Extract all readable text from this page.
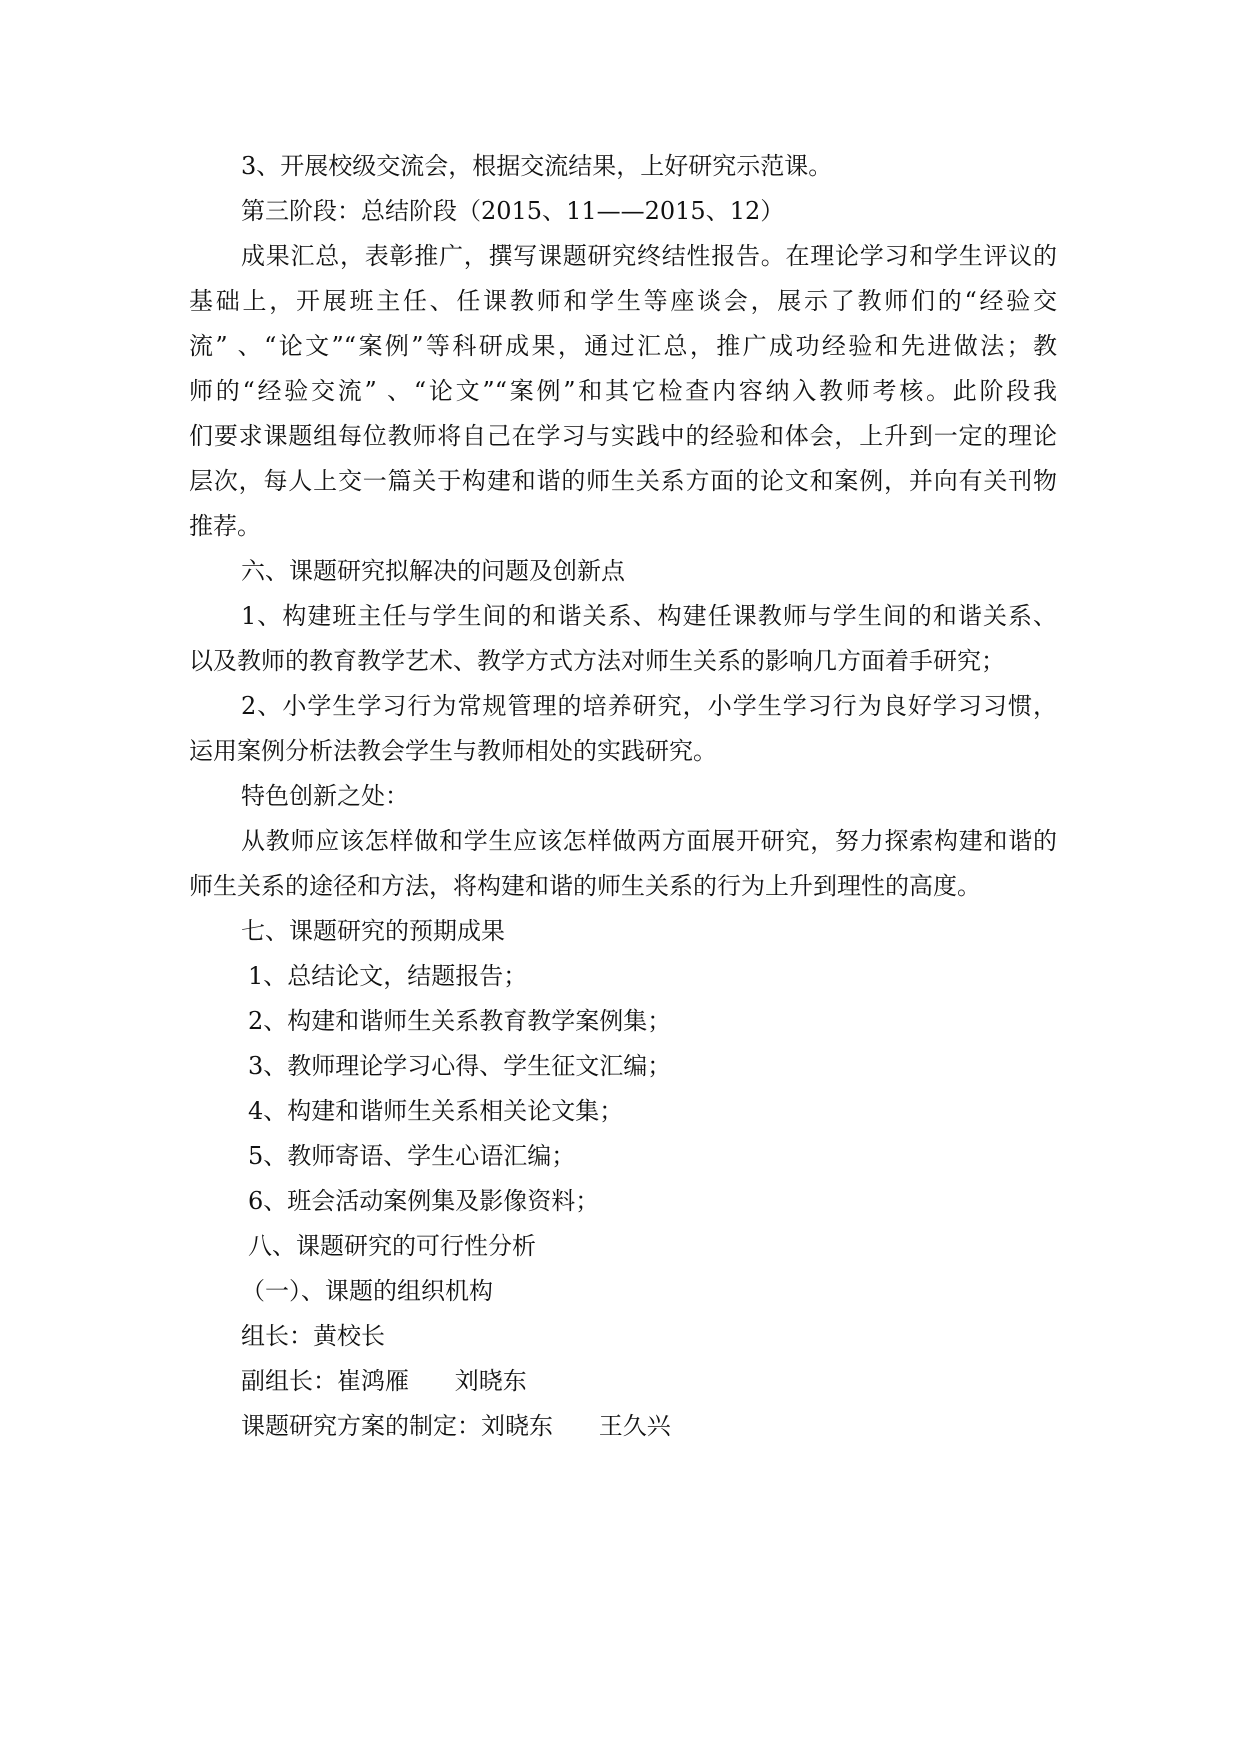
3、开展校级交流会，根据交流结果，上好研究示范课。
第三阶段：总结阶段（2015、11——2015、12）
成果汇总，表彰推广，撰写课题研究终结性报告。在理论学习和学生评议的
基础上，开展班主任、任课教师和学生等座谈会，展示了教师们的“经验交
流” 、“论文”“案例”等科研成果，通过汇总，推广成功经验和先进做法；教
师的“经验交流” 、“论文”“案例”和其它检查内容纳入教师考核。此阶段我
们要求课题组每位教师将自己在学习与实践中的经验和体会，上升到一定的理论
层次，每人上交一篇关于构建和谐的师生关系方面的论文和案例，并向有关刊物
推荐。
六、课题研究拟解决的问题及创新点
1、构建班主任与学生间的和谐关系、构建任课教师与学生间的和谐关系、
以及教师的教育教学艺术、教学方式方法对师生关系的影响几方面着手研究；
2、小学生学习行为常规管理的培养研究，小学生学习行为良好学习习惯，
运用案例分析法教会学生与教师相处的实践研究。
特色创新之处：
从教师应该怎样做和学生应该怎样做两方面展开研究，努力探索构建和谐的
师生关系的途径和方法，将构建和谐的师生关系的行为上升到理性的高度。
七、课题研究的预期成果
1、总结论文，结题报告；
2、构建和谐师生关系教育教学案例集；
3、教师理论学习心得、学生征文汇编；
4、构建和谐师生关系相关论文集；
5、教师寄语、学生心语汇编；
6、班会活动案例集及影像资料；
八、课题研究的可行性分析
（一）、课题的组织机构
组长：黄校长
副组长：崔鸿雁      刘晓东
课题研究方案的制定：刘晓东      王久兴
